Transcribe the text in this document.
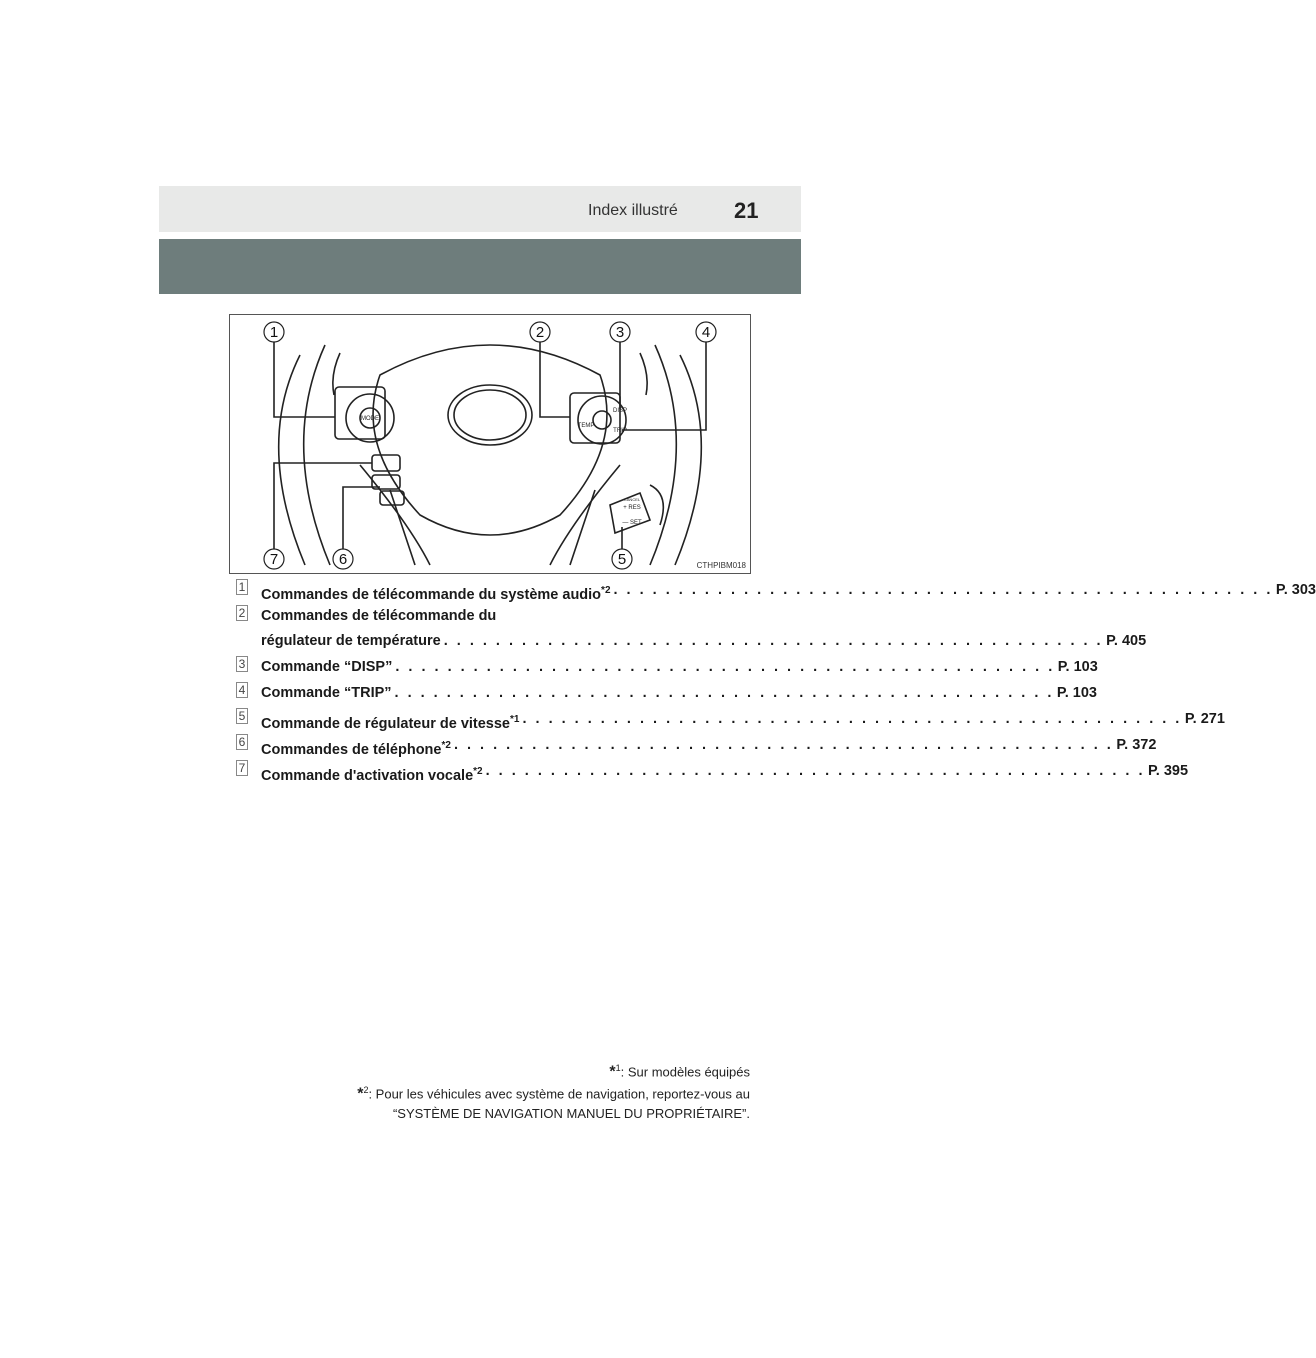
Index illustré	21
MODE
TEMP
DISP
TRIP
+ RES
— SET
CANCEL
1	2	3	4
5
6
7	CTHPIBM018
1 Commandes de télécommande du système audio$^{*2}$ . . . . . . . . . . . . . . . . . . . . . . . . . . . . . . . . . . . . . . . . . . . . . . . . . . . P. 303
2 Commandes de télécommande du
régulateur de température . . . . . . . . . . . . . . . . . . . . . . . . . . . . . . . . . . . . . . . . . . . . . . . . . . . P. 405
3 Commande “DISP” . . . . . . . . . . . . . . . . . . . . . . . . . . . . . . . . . . . . . . . . . . . . . . . . . . . P. 103
4 Commande “TRIP” . . . . . . . . . . . . . . . . . . . . . . . . . . . . . . . . . . . . . . . . . . . . . . . . . . . P. 103
5 Commande de régulateur de vitesse$^{*1}$ . . . . . . . . . . . . . . . . . . . . . . . . . . . . . . . . . . . . . . . . . . . . . . . . . . . P. 271
6 Commandes de téléphone$^{*2}$ . . . . . . . . . . . . . . . . . . . . . . . . . . . . . . . . . . . . . . . . . . . . . . . . . . . P. 372
7 Commande d'activation vocale$^{*2}$ . . . . . . . . . . . . . . . . . . . . . . . . . . . . . . . . . . . . . . . . . . . . . . . . . . . P. 395
*$^1$: Sur modèles équipés
*$^2$: Pour les véhicules avec système de navigation, reportez-vous au
“SYSTÈME DE NAVIGATION MANUEL DU PROPRIÉTAIRE”.
